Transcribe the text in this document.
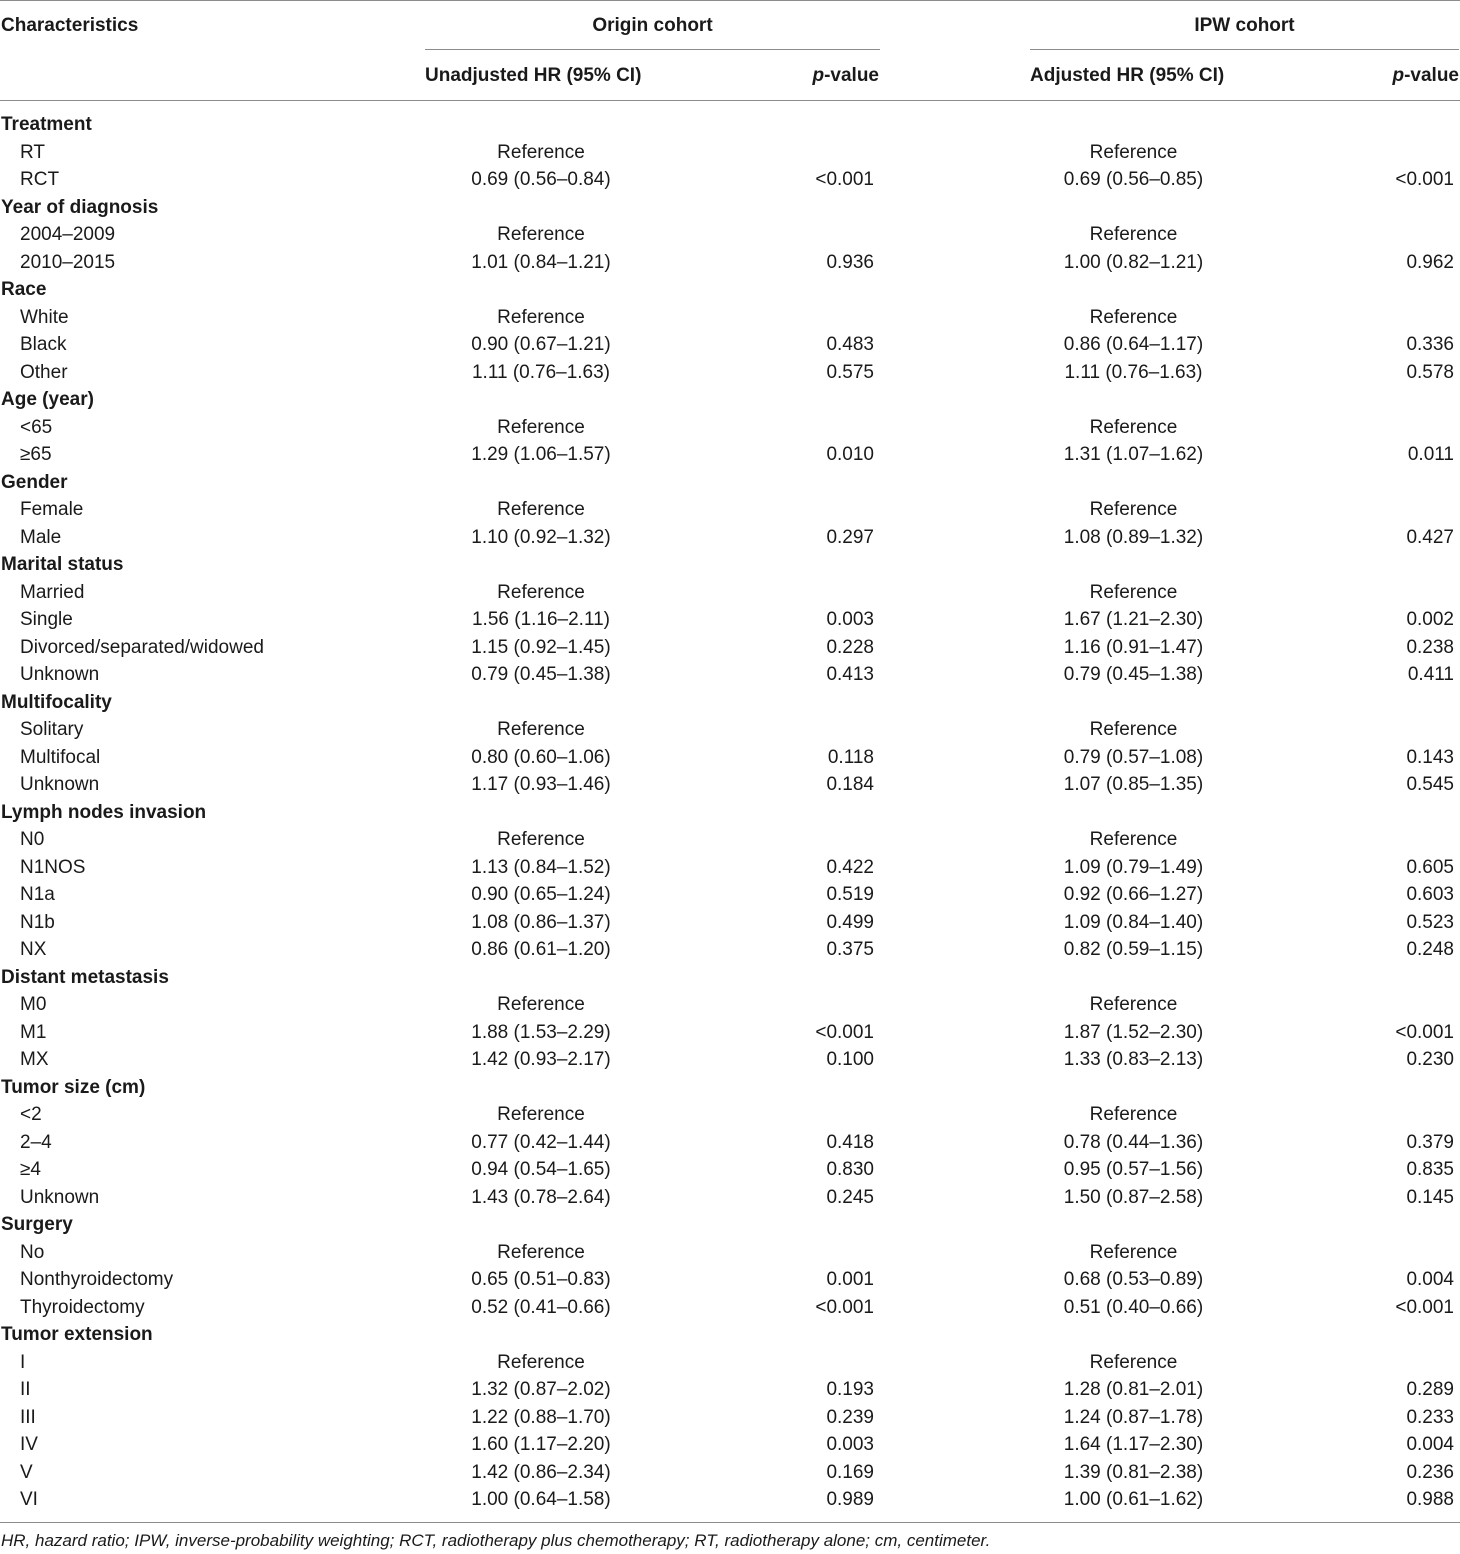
Characteristics	Origin cohort	IPW cohort
Unadjusted HR (95% CI)	p-value	Adjusted HR (95% CI)	p-value
Treatment
RT	Reference	Reference
RCT	0.69 (0.56–0.84)	<0.001	0.69 (0.56–0.85)	<0.001
Year of diagnosis
2004–2009	Reference	Reference
2010–2015	1.01 (0.84–1.21)	0.936	1.00 (0.82–1.21)	0.962
Race
White	Reference	Reference
Black	0.90 (0.67–1.21)	0.483	0.86 (0.64–1.17)	0.336
Other	1.11 (0.76–1.63)	0.575	1.11 (0.76–1.63)	0.578
Age (year)
<65	Reference	Reference
≥65	1.29 (1.06–1.57)	0.010	1.31 (1.07–1.62)	0.011
Gender
Female	Reference	Reference
Male	1.10 (0.92–1.32)	0.297	1.08 (0.89–1.32)	0.427
Marital status
Married	Reference	Reference
Single	1.56 (1.16–2.11)	0.003	1.67 (1.21–2.30)	0.002
Divorced/separated/widowed	1.15 (0.92–1.45)	0.228	1.16 (0.91–1.47)	0.238
Unknown	0.79 (0.45–1.38)	0.413	0.79 (0.45–1.38)	0.411
Multifocality
Solitary	Reference	Reference
Multifocal	0.80 (0.60–1.06)	0.118	0.79 (0.57–1.08)	0.143
Unknown	1.17 (0.93–1.46)	0.184	1.07 (0.85–1.35)	0.545
Lymph nodes invasion
N0	Reference	Reference
N1NOS	1.13 (0.84–1.52)	0.422	1.09 (0.79–1.49)	0.605
N1a	0.90 (0.65–1.24)	0.519	0.92 (0.66–1.27)	0.603
N1b	1.08 (0.86–1.37)	0.499	1.09 (0.84–1.40)	0.523
NX	0.86 (0.61–1.20)	0.375	0.82 (0.59–1.15)	0.248
Distant metastasis
M0	Reference	Reference
M1	1.88 (1.53–2.29)	<0.001	1.87 (1.52–2.30)	<0.001
MX	1.42 (0.93–2.17)	0.100	1.33 (0.83–2.13)	0.230
Tumor size (cm)
<2	Reference	Reference
2–4	0.77 (0.42–1.44)	0.418	0.78 (0.44–1.36)	0.379
≥4	0.94 (0.54–1.65)	0.830	0.95 (0.57–1.56)	0.835
Unknown	1.43 (0.78–2.64)	0.245	1.50 (0.87–2.58)	0.145
Surgery
No	Reference	Reference
Nonthyroidectomy	0.65 (0.51–0.83)	0.001	0.68 (0.53–0.89)	0.004
Thyroidectomy	0.52 (0.41–0.66)	<0.001	0.51 (0.40–0.66)	<0.001
Tumor extension
I	Reference	Reference
II	1.32 (0.87–2.02)	0.193	1.28 (0.81–2.01)	0.289
III	1.22 (0.88–1.70)	0.239	1.24 (0.87–1.78)	0.233
IV	1.60 (1.17–2.20)	0.003	1.64 (1.17–2.30)	0.004
V	1.42 (0.86–2.34)	0.169	1.39 (0.81–2.38)	0.236
VI	1.00 (0.64–1.58)	0.989	1.00 (0.61–1.62)	0.988
HR, hazard ratio; IPW, inverse-probability weighting; RCT, radiotherapy plus chemotherapy; RT, radiotherapy alone; cm, centimeter.
